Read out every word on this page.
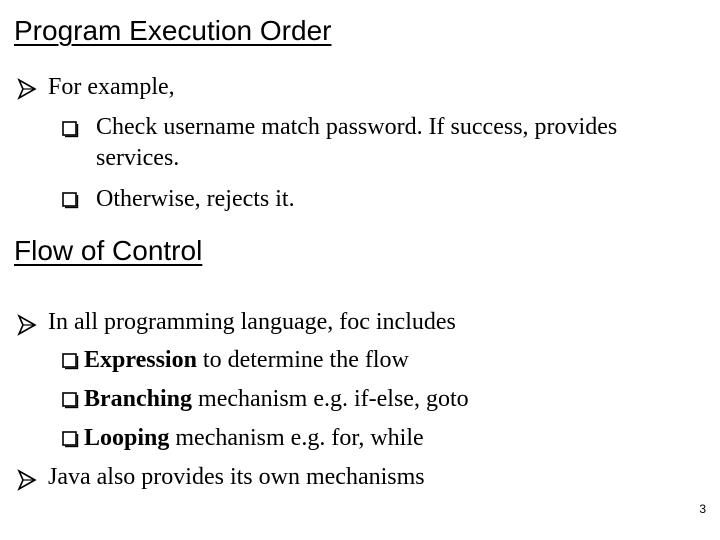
Program Execution Order
For example,
Check username match password. If success, provides
services.
Otherwise, rejects it.
Flow of Control
In all programming language, foc includes
Expression to determine the flow
Branching mechanism e.g. if-else, goto
Looping mechanism e.g. for, while
Java also provides its own mechanisms
3
